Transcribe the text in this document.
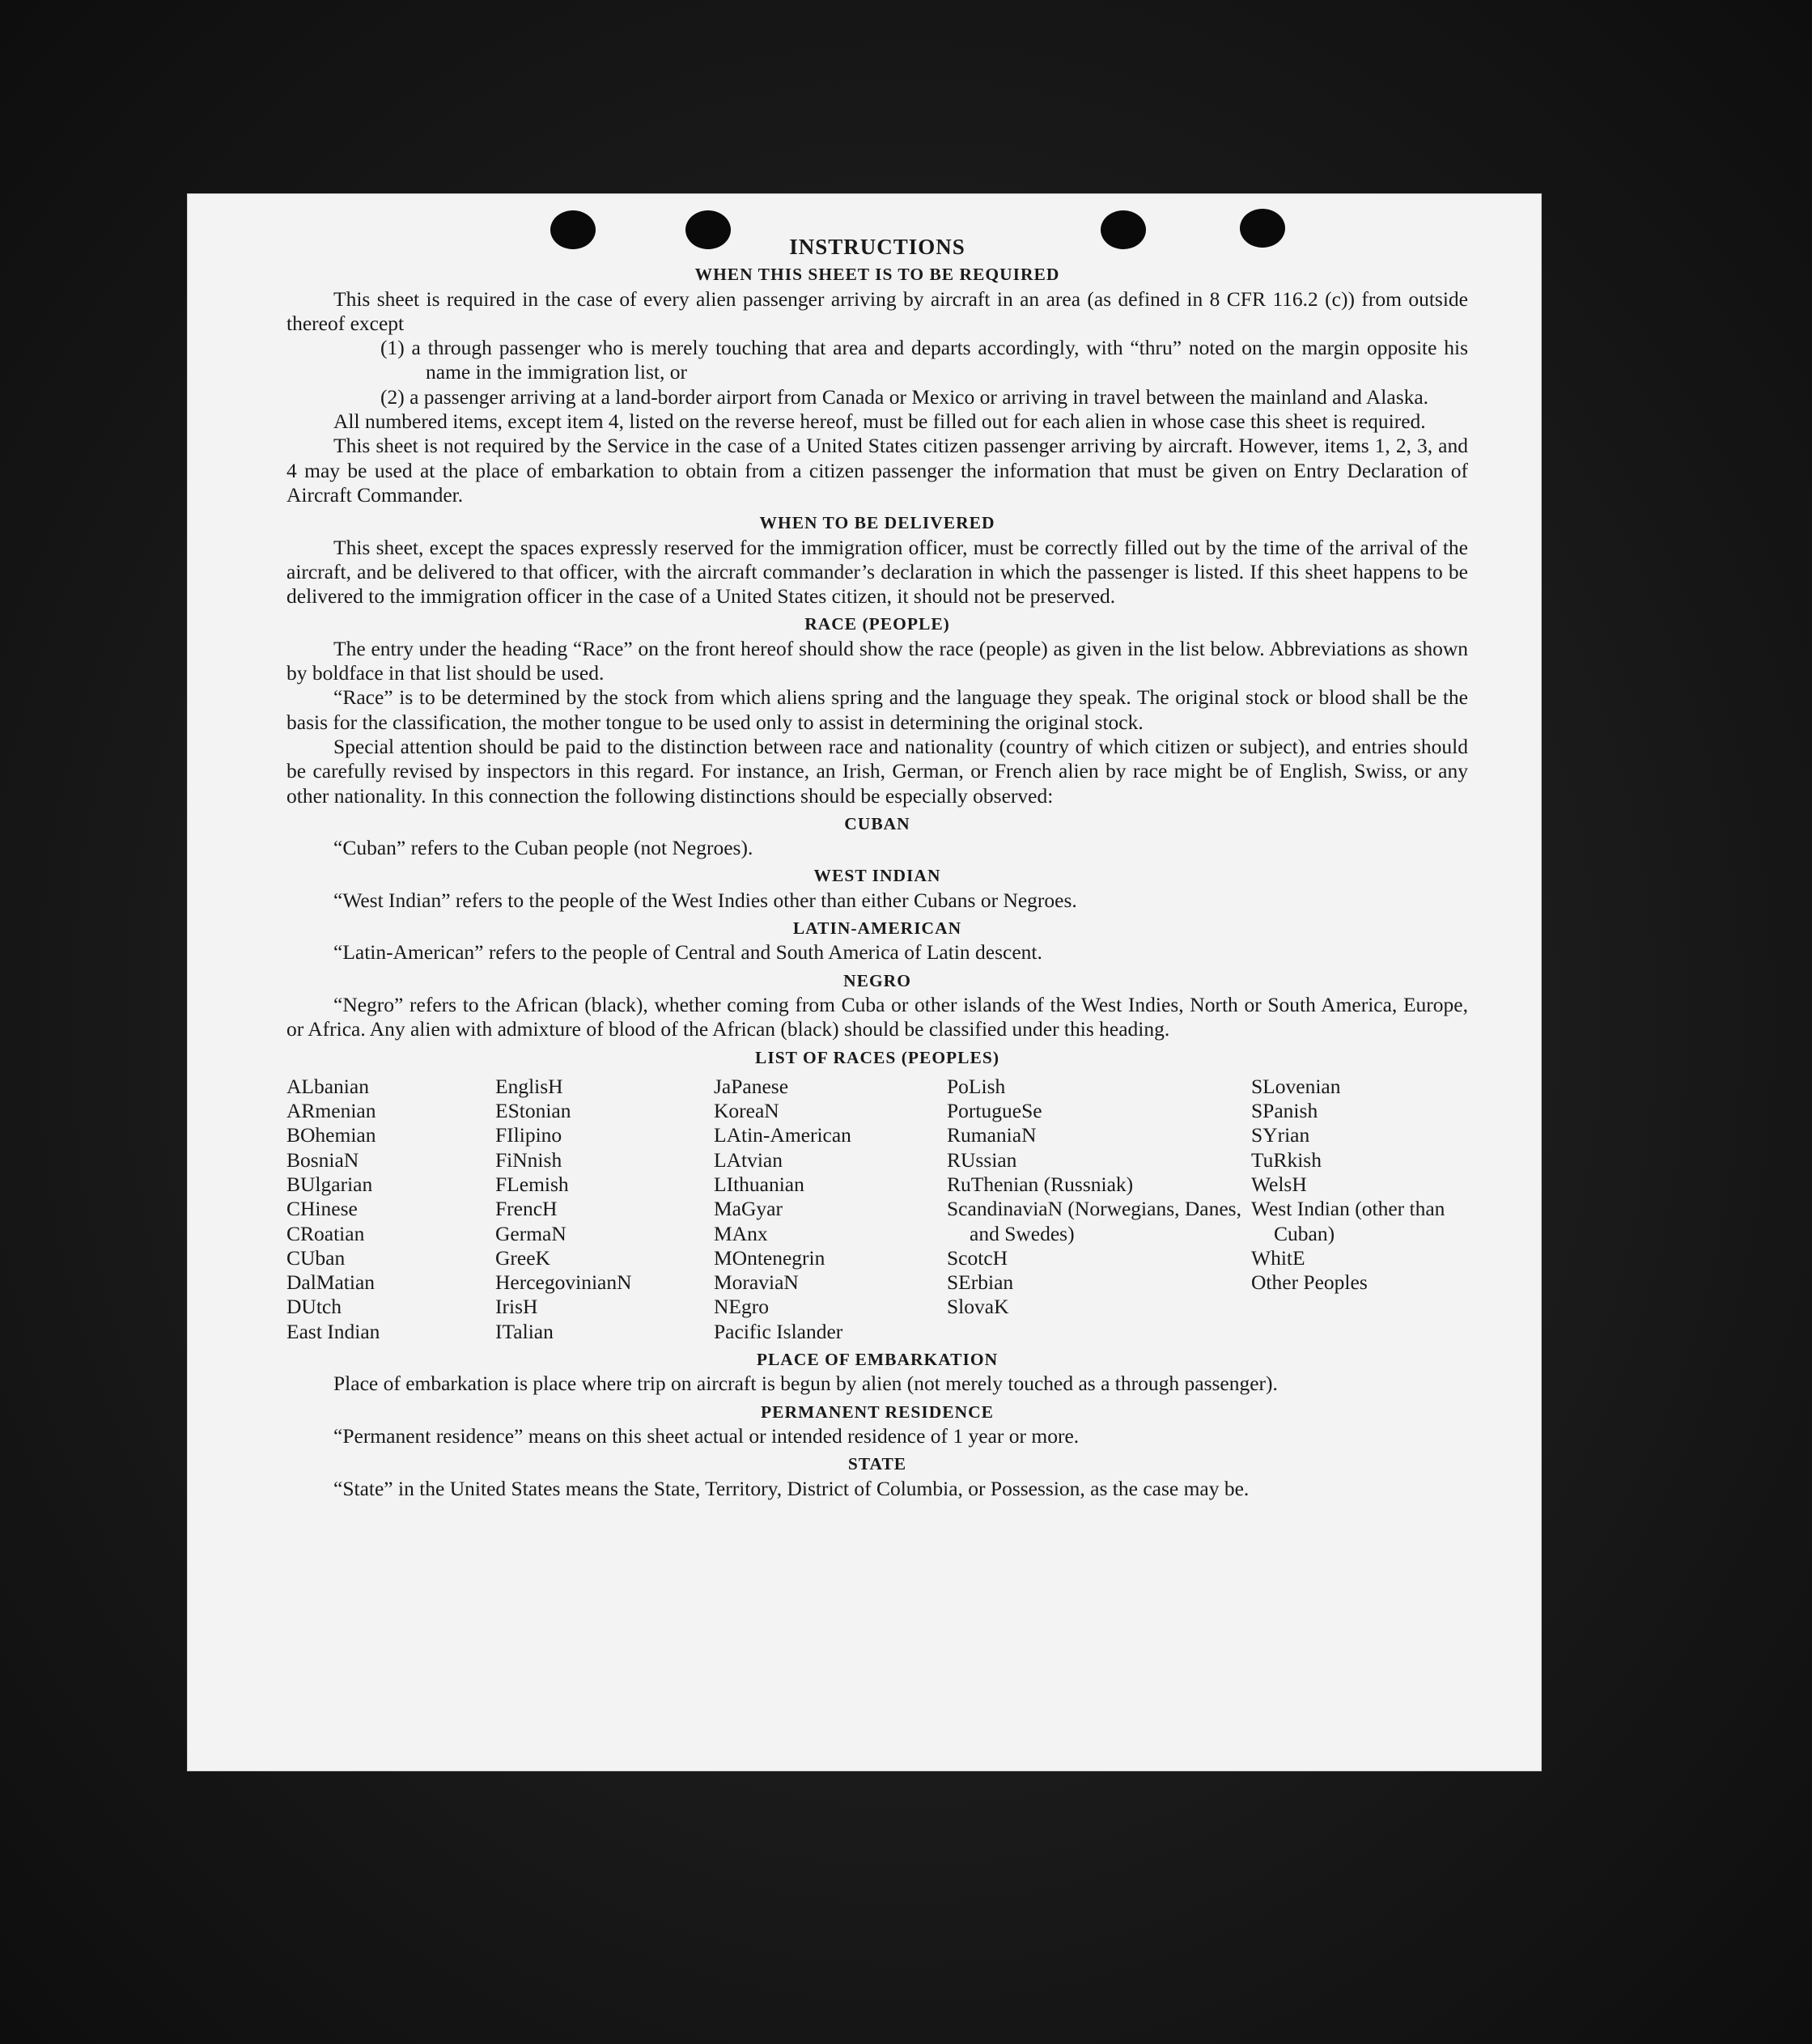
INSTRUCTIONS
WHEN THIS SHEET IS TO BE REQUIRED

This sheet is required in the case of every alien passenger arriving by aircraft in an area (as defined in 8 CFR 116.2 (c)) from outside thereof except

(1) a through passenger who is merely touching that area and departs accordingly, with “thru” noted on the margin opposite his name in the immigration list, or

(2) a passenger arriving at a land-border airport from Canada or Mexico or arriving in travel between the mainland and Alaska.

All numbered items, except item 4, listed on the reverse hereof, must be filled out for each alien in whose case this sheet is required.

This sheet is not required by the Service in the case of a United States citizen passenger arriving by aircraft. However, items 1, 2, 3, and 4 may be used at the place of embarkation to obtain from a citizen passenger the information that must be given on Entry Declaration of Aircraft Commander.

WHEN TO BE DELIVERED

This sheet, except the spaces expressly reserved for the immigration officer, must be correctly filled out by the time of the arrival of the aircraft, and be delivered to that officer, with the aircraft commander’s declaration in which the passenger is listed. If this sheet happens to be delivered to the immigration officer in the case of a United States citizen, it should not be preserved.

RACE (PEOPLE)

The entry under the heading “Race” on the front hereof should show the race (people) as given in the list below. Abbreviations as shown by boldface in that list should be used.

“Race” is to be determined by the stock from which aliens spring and the language they speak. The original stock or blood shall be the basis for the classification, the mother tongue to be used only to assist in determining the original stock.

Special attention should be paid to the distinction between race and nationality (country of which citizen or subject), and entries should be carefully revised by inspectors in this regard. For instance, an Irish, German, or French alien by race might be of English, Swiss, or any other nationality. In this connection the following distinctions should be especially observed:

CUBAN

“Cuban” refers to the Cuban people (not Negroes).

WEST INDIAN

“West Indian” refers to the people of the West Indies other than either Cubans or Negroes.

LATIN-AMERICAN

“Latin-American” refers to the people of Central and South America of Latin descent.

NEGRO

“Negro” refers to the African (black), whether coming from Cuba or other islands of the West Indies, North or South America, Europe, or Africa. Any alien with admixture of blood of the African (black) should be classified under this heading.

LIST OF RACES (PEOPLES)
ALbanian
ARmenian
BOhemian
BosniaN
BUlgarian
CHinese
CRoatian
CUban
DalMatian
DUtch
East Indian
EnglisH
EStonian
FIlipino
FiNnish
FLemish
FrencH
GermaN
GreeK
HercegovinianN
IrisH
ITalian
JaPanese
KoreaN
LAtin-American
LAtvian
LIthuanian
MaGyar
MAnx
MOntenegrin
MoraviaN
NEgro
Pacific Islander
PoLish
PortugueSe
RumaniaN
RUssian
RuThenian (Russniak)
ScandinaviaN (Norwegians, Danes, and Swedes)
ScotcH
SErbian
SlovaK
SLovenian
SPanish
SYrian
TuRkish
WelsH
West Indian (other than Cuban)
WhitE
Other Peoples
PLACE OF EMBARKATION

Place of embarkation is place where trip on aircraft is begun by alien (not merely touched as a through passenger).

PERMANENT RESIDENCE

“Permanent residence” means on this sheet actual or intended residence of 1 year or more.

STATE

“State” in the United States means the State, Territory, District of Columbia, or Possession, as the case may be.
